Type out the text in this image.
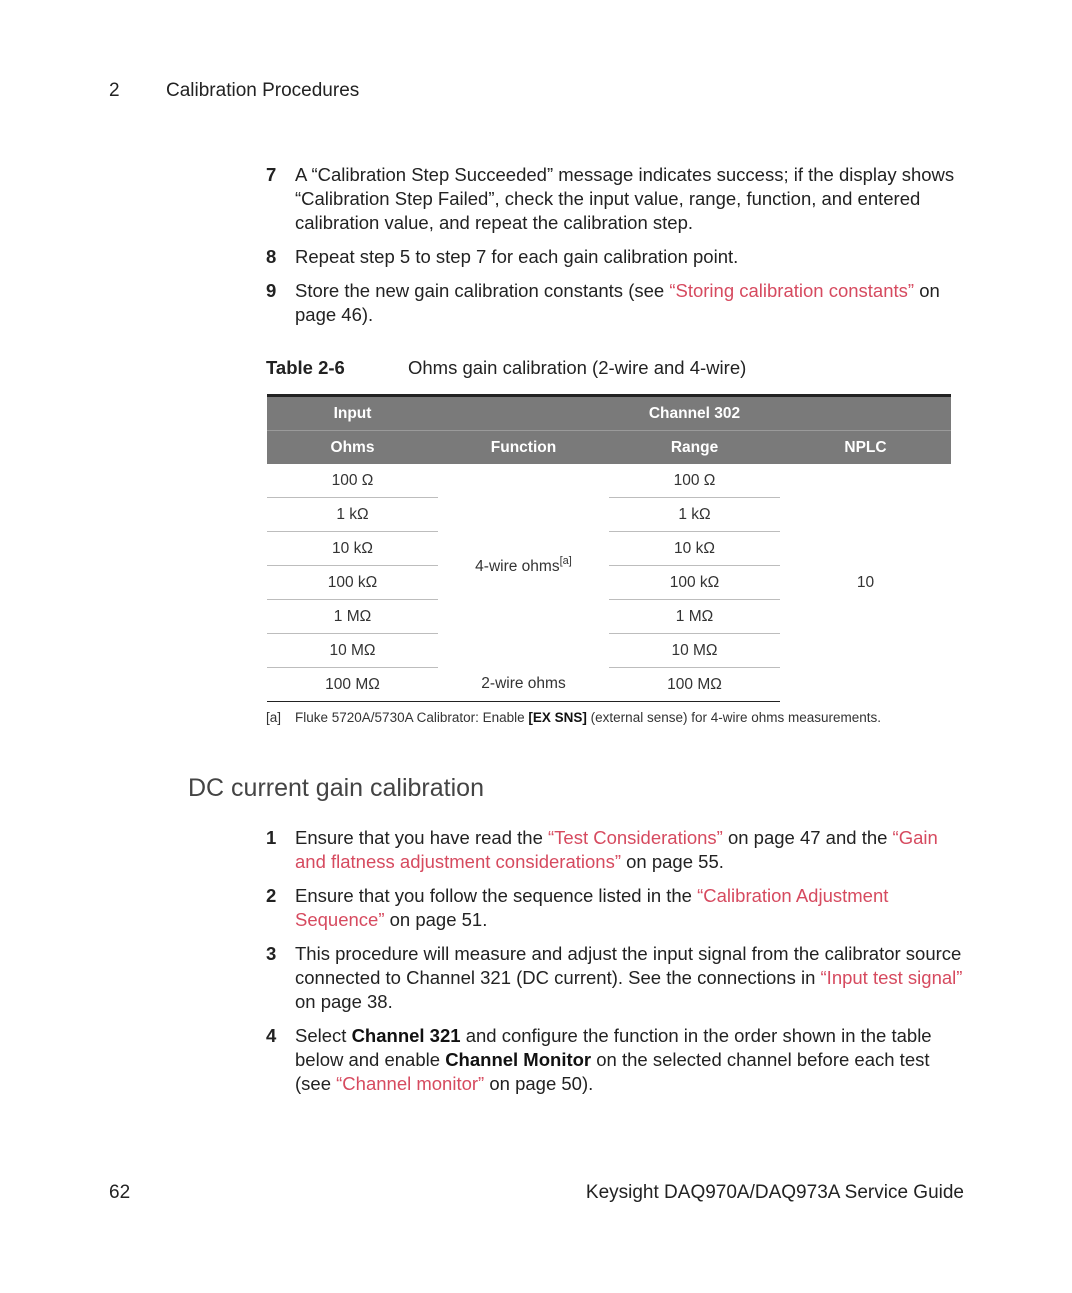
2 Calibration Procedures
7 A “Calibration Step Succeeded” message indicates success; if the display shows “Calibration Step Failed”, check the input value, range, function, and entered calibration value, and repeat the calibration step.
8 Repeat step 5 to step 7 for each gain calibration point.
9 Store the new gain calibration constants (see “Storing calibration constants” on page 46).
Table 2-6	Ohms gain calibration (2-wire and 4-wire)
Input	Channel 302		
Ohms	Function	Range	NPLC
100 Ω	4-wire ohms[a]	100 Ω	10
1 kΩ		1 kΩ	
10 kΩ		10 kΩ	
100 kΩ		100 kΩ	
1 MΩ		1 MΩ	
10 MΩ		10 MΩ	
100 MΩ	2-wire ohms	100 MΩ	
[a] Fluke 5720A/5730A Calibrator: Enable [EX SNS] (external sense) for 4-wire ohms measurements.
DC current gain calibration
1 Ensure that you have read the “Test Considerations” on page 47 and the “Gain and flatness adjustment considerations” on page 55.
2 Ensure that you follow the sequence listed in the “Calibration Adjustment Sequence” on page 51.
3 This procedure will measure and adjust the input signal from the calibrator source connected to Channel 321 (DC current). See the connections in “Input test signal” on page 38.
4 Select Channel 321 and configure the function in the order shown in the table below and enable Channel Monitor on the selected channel before each test (see “Channel monitor” on page 50).
62	Keysight DAQ970A/DAQ973A Service Guide
